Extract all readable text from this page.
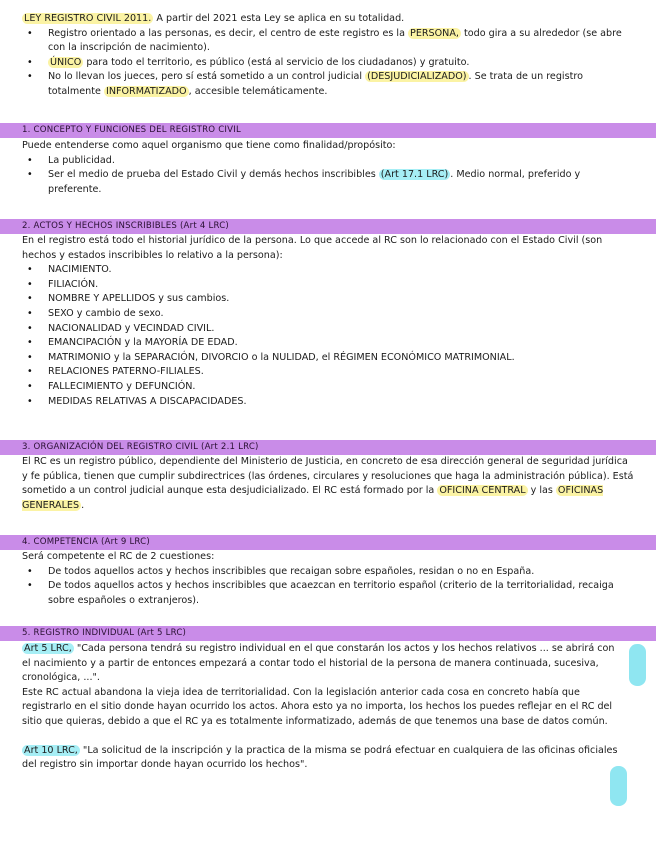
LEY REGISTRO CIVIL 2011. A partir del 2021 esta Ley se aplica en su totalidad.

• Registro orientado a las personas, es decir, el centro de este registro es la PERSONA, todo gira a su alrededor (se abre con la inscripción de nacimiento).
• ÚNICO para todo el territorio, es público (está al servicio de los ciudadanos) y gratuito.
• No lo llevan los jueces, pero sí está sometido a un control judicial (DESJUDICIALIZADO) . Se trata de un registro totalmente INFORMATIZADO , accesible telemáticamente.
1. CONCEPTO Y FUNCIONES DEL REGISTRO CIVIL

Puede entenderse como aquel organismo que tiene como finalidad/propósito:

• La publicidad.
• Ser el medio de prueba del Estado Civil y demás hechos inscribibles (Art 17.1 LRC) . Medio normal, preferido y preferente.
2. ACTOS Y HECHOS INSCRIBIBLES (Art 4 LRC)

En el registro está todo el historial jurídico de la persona. Lo que accede al RC son lo relacionado con el Estado Civil (son hechos y estados inscribibles lo relativo a la persona):

• NACIMIENTO.
• FILIACIÓN.
• NOMBRE Y APELLIDOS y sus cambios.
• SEXO y cambio de sexo.
• NACIONALIDAD y VECINDAD CIVIL.
• EMANCIPACIÓN y la MAYORÍA DE EDAD.
• MATRIMONIO y la SEPARACIÓN, DIVORCIO o la NULIDAD, el RÉGIMEN ECONÓMICO MATRIMONIAL.
• RELACIONES PATERNO-FILIALES.
• FALLECIMIENTO y DEFUNCIÓN.
• MEDIDAS RELATIVAS A DISCAPACIDADES.
3. ORGANIZACIÓN DEL REGISTRO CIVIL (Art 2.1 LRC)

El RC es un registro público, dependiente del Ministerio de Justicia, en concreto de esa dirección general de seguridad jurídica y fe pública, tienen que cumplir subdirectrices (las órdenes, circulares y resoluciones que haga la administración pública). Está sometido a un control judicial aunque esta desjudicializado. El RC está formado por la OFICINA CENTRAL y las OFICINAS GENERALES .

4. COMPETENCIA (Art 9 LRC)

Será competente el RC de 2 cuestiones:

• De todos aquellos actos y hechos inscribibles que recaigan sobre españoles, residan o no en España.
• De todos aquellos actos y hechos inscribibles que acaezcan en territorio español (criterio de la territorialidad, recaiga sobre españoles o extranjeros).
5. REGISTRO INDIVIDUAL (Art 5 LRC)

Art 5 LRC, "Cada persona tendrá su registro individual en el que constarán los actos y los hechos relativos ... se abrirá con el nacimiento y a partir de entonces empezará a contar todo el historial de la persona de manera continuada, sucesiva, cronológica, ...".

Este RC actual abandona la vieja idea de territorialidad. Con la legislación anterior cada cosa en concreto había que registrarlo en el sitio donde hayan ocurrido los actos. Ahora esto ya no importa, los hechos los puedes reflejar en el RC del sitio que quieras, debido a que el RC ya es totalmente informatizado, además de que tenemos una base de datos común.

Art 10 LRC, "La solicitud de la inscripción y la practica de la misma se podrá efectuar en cualquiera de las oficinas oficiales del registro sin importar donde hayan ocurrido los hechos".
